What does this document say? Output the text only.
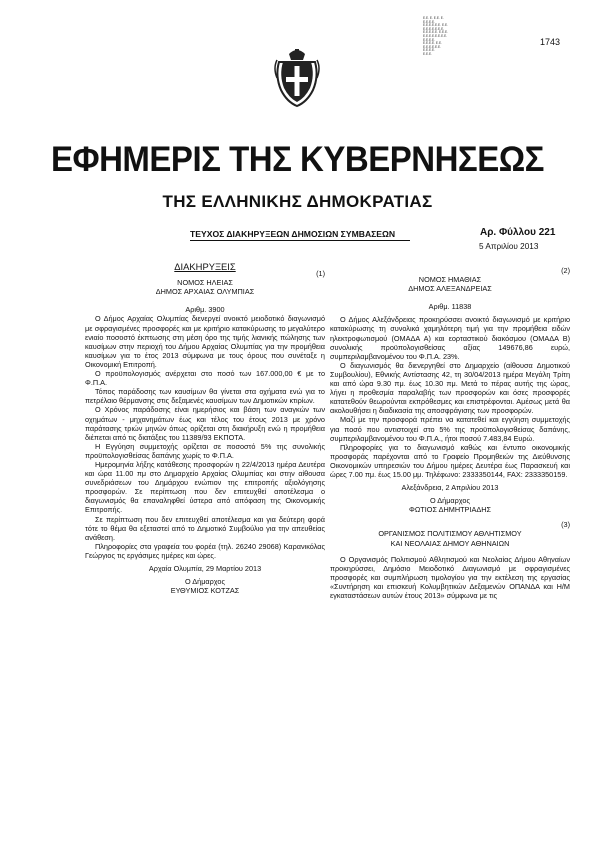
Ε.Ε. Ε. Ε.Ε. Ε.
Ε.Ε.Ε.Ε.
Ε.Ε.Ε.Ε.Ε.Ε. Ε.Ε.
Ε.Ε.Ε.Ε.Ε.Ε.Ε.
Ε.Ε.Ε.Ε.Ε. Ε.Ε.Ε.
Ε.Ε.Ε.Ε.Ε.Ε.Ε.Ε.
Ε.Ε.Ε.Ε.
Ε.Ε.Ε.Ε. Ε.Ε.
Ε.Ε.Ε.Ε.Ε.Ε.
Ε.Ε.Ε.Ε.
Ε.Ε.Ε.
1743
ΕΦΗΜΕΡΙΣ ΤΗΣ ΚΥΒΕΡΝΗΣΕΩΣ
ΤΗΣ ΕΛΛΗΝΙΚΗΣ ΔΗΜΟΚΡΑΤΙΑΣ
ΤΕΥΧΟΣ ΔΙΑΚΗΡΥΞΕΩΝ ΔΗΜΟΣΙΩΝ ΣΥΜΒΑΣΕΩΝ	Αρ. Φύλλου 221
5 Απριλίου 2013
ΔΙΑΚΗΡΥΞΕΙΣ
(1)
ΝΟΜΟΣ ΗΛΕΙΑΣ
ΔΗΜΟΣ ΑΡΧΑΙΑΣ ΟΛΥΜΠΙΑΣ
Αριθμ. 3900

Ο Δήμος Αρχαίας Ολυμπίας διενεργεί ανοικτό μειοδοτικό διαγωνισμό με σφραγισμένες προσφορές και με κριτήριο κατακύρωσης το μεγαλύτερο ενιαίο ποσοστό έκπτωσης στη μέση όρο της τιμής λιανικής πώλησης των καυσίμων στην περιοχή του Δήμου Αρχαίας Ολυμπίας για την προμήθεια καυσίμων για το έτος 2013 σύμφωνα με τους όρους που συνέταξε η Οικονομική Επιτροπή.

Ο προϋπολογισμός ανέρχεται στο ποσό των 167.000,00 € με το Φ.Π.Α.

Τόπος παράδοσης των καυσίμων θα γίνεται στα οχήματα ενώ για το πετρέλαιο θέρμανσης στις δεξαμενές καυσίμων των Δημοτικών κτιρίων.

Ο Χρόνος παράδοσης είναι ημερήσιος και βάση των αναγκών των οχημάτων - μηχανημάτων έως και τέλος του έτους 2013 με χρόνο παράτασης τριών μηνών όπως ορίζεται στη διακήρυξη ενώ η προμήθεια διέπεται από τις διατάξεις του 11389/93 ΕΚΠΟΤΑ.

Η Εγγύηση συμμετοχής ορίζεται σε ποσοστό 5% της συνολικής προϋπολογισθείσας δαπάνης χωρίς το Φ.Π.Α.

Ημερομηνία λήξης κατάθεσης προσφορών η 22/4/2013 ημέρα Δευτέρα και ώρα 11.00 πμ στο Δημαρχείο Αρχαίας Ολυμπίας και στην αίθουσα συνεδριάσεων του Δημάρχου ενώπιον της επιτροπής αξιολόγησης προσφορών. Σε περίπτωση που δεν επιτευχθεί αποτέλεσμα ο διαγωνισμός θα επαναληφθεί ύστερα από απόφαση της Οικονομικής Επιτροπής.

Σε περίπτωση που δεν επιτευχθεί αποτέλεσμα και για δεύτερη φορά τότε το θέμα θα εξεταστεί από το Δημοτικό Συμβούλιο για την απευθείας ανάθεση.

Πληροφορίες στα γραφεία του φορέα (τηλ. 26240 29068) Καρανικόλας Γεώργιος τις εργάσιμες ημέρες και ώρες.

Αρχαία Ολυμπία, 29 Μαρτίου 2013
Ο Δήμαρχος
ΕΥΘΥΜΙΟΣ ΚΟΤΖΑΣ
(2)
ΝΟΜΟΣ ΗΜΑΘΙΑΣ
ΔΗΜΟΣ ΑΛΕΞΑΝΔΡΕΙΑΣ
Αριθμ. 11838

Ο Δήμος Αλεξάνδρειας προκηρύσσει ανοικτό διαγωνισμό με κριτήριο κατακύρωσης τη συνολικά χαμηλότερη τιμή για την προμήθεια ειδών ηλεκτροφωτισμού (ΟΜΑΔΑ Α) και εορταστικού διακόσμου (ΟΜΑΔΑ Β) συνολικής προϋπολογισθείσας αξίας 149676,86 ευρώ, συμπεριλαμβανομένου του Φ.Π.Α. 23%.

Ο διαγωνισμός θα διενεργηθεί στο Δημαρχείο (αίθουσα Δημοτικού Συμβουλίου), Εθνικής Αντίστασης 42, τη 30/04/2013 ημέρα Μεγάλη Τρίτη και από ώρα 9.30 πμ. έως 10.30 πμ. Μετά το πέρας αυτής της ώρας, λήγει η προθεσμία παραλαβής των προσφορών και όσες προσφορές κατατεθούν θεωρούνται εκπρόθεσμες και επιστρέφονται. Αμέσως μετά θα ακολουθήσει η διαδικασία της αποσφράγισης των προσφορών.

Μαζί με την προσφορά πρέπει να κατατεθεί και εγγύηση συμμετοχής για ποσό που αντιστοιχεί στο 5% της προϋπολογισθείσας δαπάνης, συμπεριλαμβανομένου του Φ.Π.Α., ήτοι ποσού 7.483,84 Ευρώ.

Πληροφορίες για το διαγωνισμό καθώς και έντυπο οικονομικής προσφοράς παρέχονται από το Γραφείο Προμηθειών της Διεύθυνσης Οικονομικών υπηρεσιών του Δήμου ημέρες Δευτέρα έως Παρασκευή και ώρες 7.00 πμ. έως 15.00 μμ. Τηλέφωνο: 2333350144, FAX: 2333350159.

Αλεξάνδρεια, 2 Απριλίου 2013
Ο Δήμαρχος
ΦΩΤΙΟΣ ΔΗΜΗΤΡΙΑΔΗΣ
(3)
ΟΡΓΑΝΙΣΜΟΣ ΠΟΛΙΤΙΣΜΟΥ ΑΘΛΗΤΙΣΜΟΥ
ΚΑΙ ΝΕΟΛΑΙΑΣ ΔΗΜΟΥ ΑΘΗΝΑΙΩΝ

Ο Οργανισμός Πολιτισμού Αθλητισμού και Νεολαίας Δήμου Αθηναίων προκηρύσσει, Δημόσιο Μειοδοτικό Διαγωνισμό με σφραγισμένες προσφορές και συμπλήρωση τιμολογίου για την εκτέλεση της εργασίας «Συντήρηση και επισκευή Κολυμβητικών Δεξαμενών ΟΠΑΝΔΑ και Η/Μ εγκαταστάσεων αυτών έτους 2013» σύμφωνα με τις
